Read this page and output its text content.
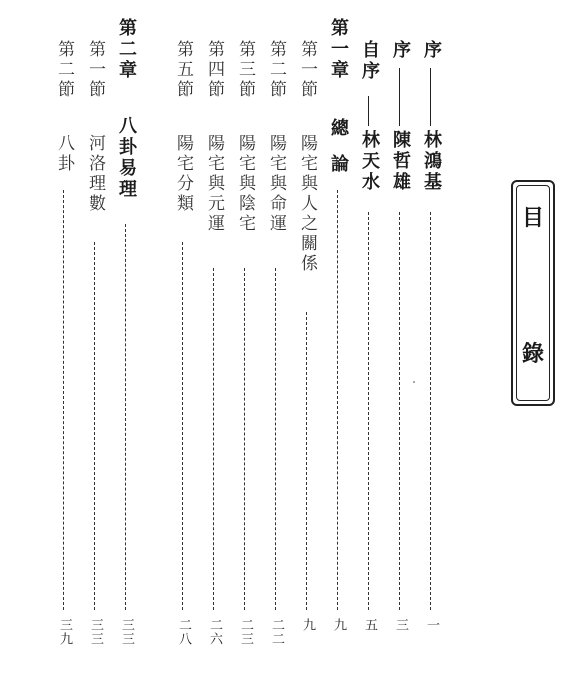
目
錄
序
林鴻基
一
序
陳哲雄
三
自序
林天水
五
第一章
總論
九
第一節
陽宅與人之關係
九
第二節
陽宅與命運
二二
第三節
陽宅與陰宅
二三
第四節
陽宅與元運
二六
第五節
陽宅分類
二八
第二章
八卦易理
三三
第一節
河洛理數
三三
第二節
八卦
三九
